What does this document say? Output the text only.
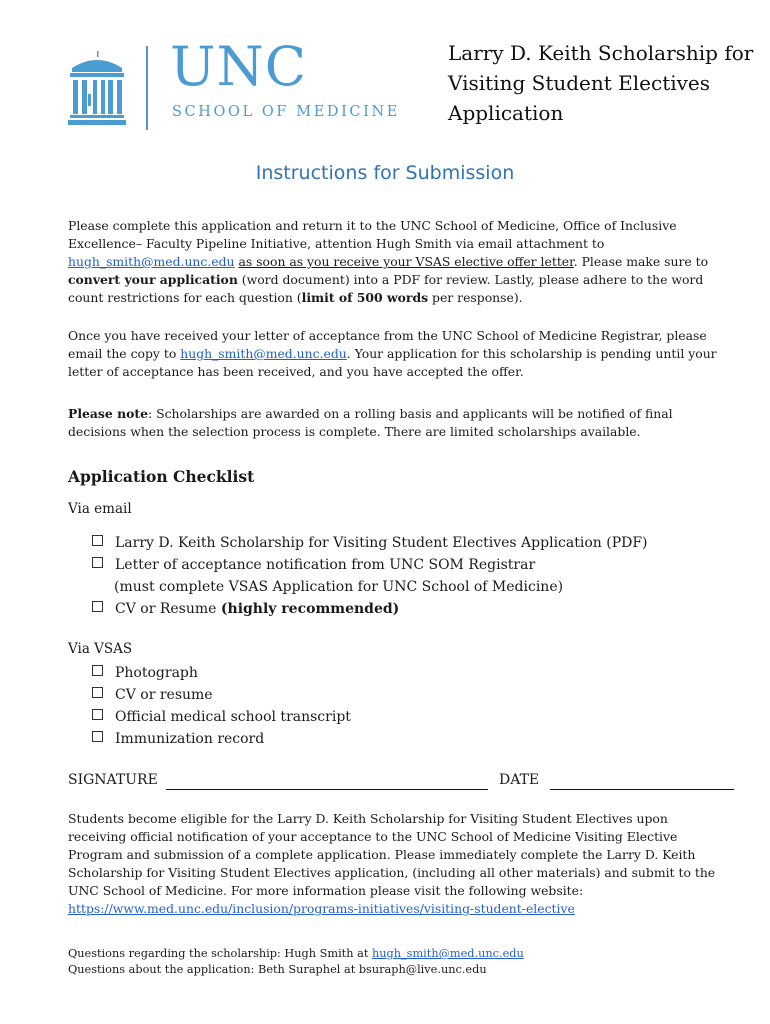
UNC
SCHOOL OF MEDICINE
Larry D. Keith Scholarship for
Visiting Student Electives
Application
Instructions for Submission
Please complete this application and return it to the UNC School of Medicine, Office of Inclusive Excellence– Faculty Pipeline Initiative, attention Hugh Smith via email attachment to hugh_smith@med.unc.edu as soon as you receive your VSAS elective offer letter. Please make sure to convert your application (word document) into a PDF for review. Lastly, please adhere to the word count restrictions for each question (limit of 500 words per response).
Once you have received your letter of acceptance from the UNC School of Medicine Registrar, please email the copy to hugh_smith@med.unc.edu. Your application for this scholarship is pending until your letter of acceptance has been received, and you have accepted the offer.
Please note: Scholarships are awarded on a rolling basis and applicants will be notified of final decisions when the selection process is complete. There are limited scholarships available.
Application Checklist
Via email
Larry D. Keith Scholarship for Visiting Student Electives Application (PDF)
Letter of acceptance notification from UNC SOM Registrar
(must complete VSAS Application for UNC School of Medicine)
CV or Resume (highly recommended)
Via VSAS
Photograph
CV or resume
Official medical school transcript
Immunization record
SIGNATURE	DATE
Students become eligible for the Larry D. Keith Scholarship for Visiting Student Electives upon receiving official notification of your acceptance to the UNC School of Medicine Visiting Elective Program and submission of a complete application. Please immediately complete the Larry D. Keith Scholarship for Visiting Student Electives application, (including all other materials) and submit to the UNC School of Medicine. For more information please visit the following website: https://www.med.unc.edu/inclusion/programs-initiatives/visiting-student-elective
Questions regarding the scholarship: Hugh Smith at hugh_smith@med.unc.edu
Questions about the application: Beth Suraphel at bsuraph@live.unc.edu
